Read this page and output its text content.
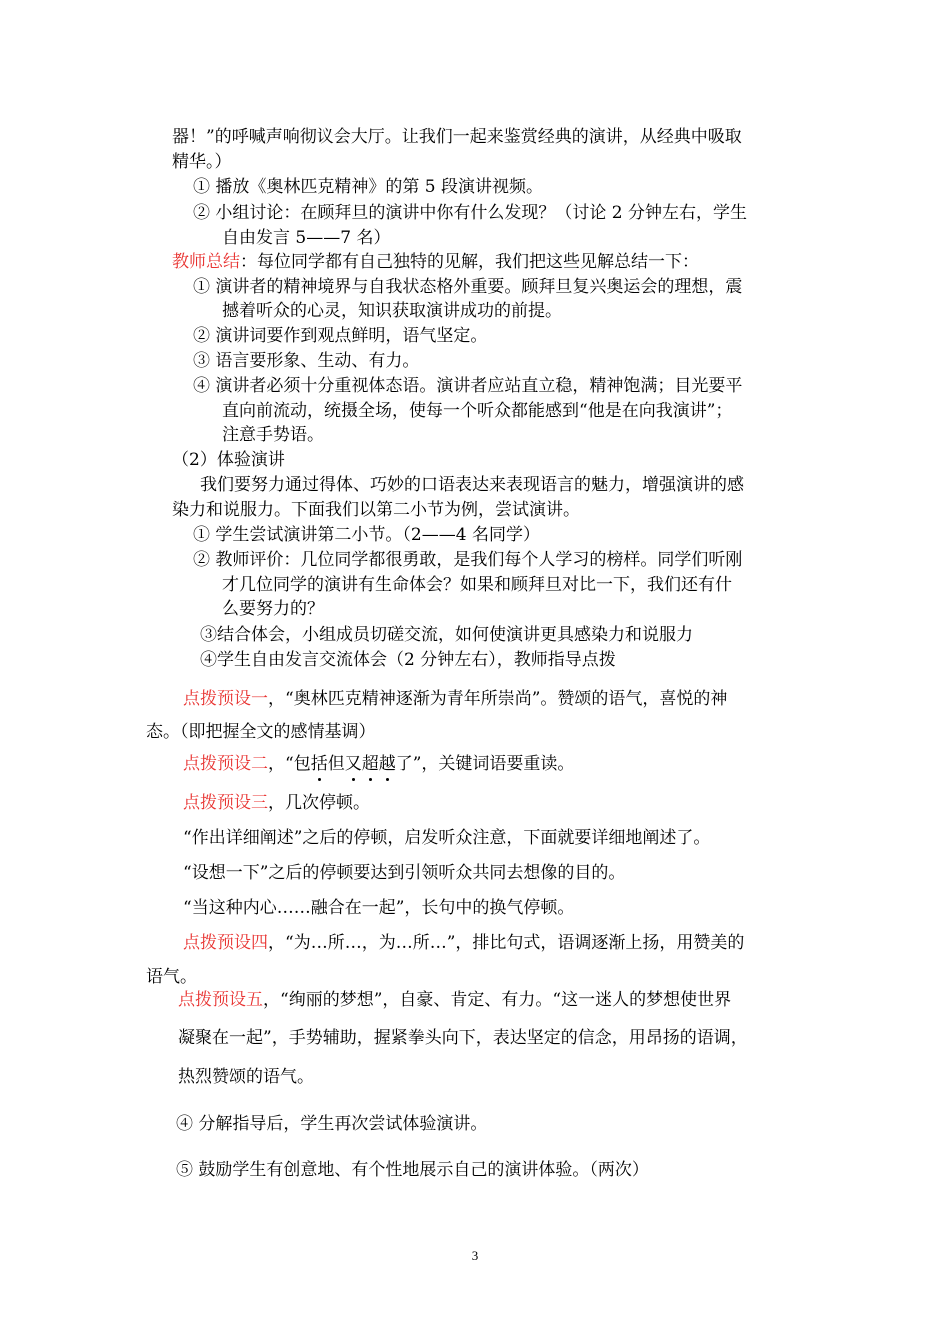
器！”的呼喊声响彻议会大厅。让我们一起来鉴赏经典的演讲，从经典中吸取
精华。）
① 播放《奥林匹克精神》的第 5 段演讲视频。
② 小组讨论：在顾拜旦的演讲中你有什么发现？（讨论 2 分钟左右，学生
自由发言 5——7 名）
教师总结：每位同学都有自己独特的见解，我们把这些见解总结一下：
① 演讲者的精神境界与自我状态格外重要。顾拜旦复兴奥运会的理想，震
撼着听众的心灵，知识获取演讲成功的前提。
② 演讲词要作到观点鲜明，语气坚定。
③ 语言要形象、生动、有力。
④ 演讲者必须十分重视体态语。演讲者应站直立稳，精神饱满；目光要平
直向前流动，统摄全场，使每一个听众都能感到“他是在向我演讲”；
注意手势语。
（2）体验演讲
我们要努力通过得体、巧妙的口语表达来表现语言的魅力，增强演讲的感
染力和说服力。下面我们以第二小节为例，尝试演讲。
① 学生尝试演讲第二小节。（2——4 名同学）
② 教师评价：几位同学都很勇敢，是我们每个人学习的榜样。同学们听刚
才几位同学的演讲有生命体会？如果和顾拜旦对比一下，我们还有什
么要努力的？
③结合体会，小组成员切磋交流，如何使演讲更具感染力和说服力
④学生自由发言交流体会（2 分钟左右），教师指导点拨
点拨预设一，“奥林匹克精神逐渐为青年所崇尚”。赞颂的语气，喜悦的神
态。（即把握全文的感情基调）
点拨预设二，“包括但又超越了”，关键词语要重读。
点拨预设三，几次停顿。
“作出详细阐述”之后的停顿，启发听众注意，下面就要详细地阐述了。
“设想一下”之后的停顿要达到引领听众共同去想像的目的。
“当这种内心……融合在一起”，长句中的换气停顿。
点拨预设四，“为…所…，为…所…”，排比句式，语调逐渐上扬，用赞美的
语气。
点拨预设五，“绚丽的梦想”，自豪、肯定、有力。“这一迷人的梦想使世界
凝聚在一起”，手势辅助，握紧拳头向下，表达坚定的信念，用昂扬的语调，
热烈赞颂的语气。
④ 分解指导后，学生再次尝试体验演讲。
⑤ 鼓励学生有创意地、有个性地展示自己的演讲体验。（两次）
3
